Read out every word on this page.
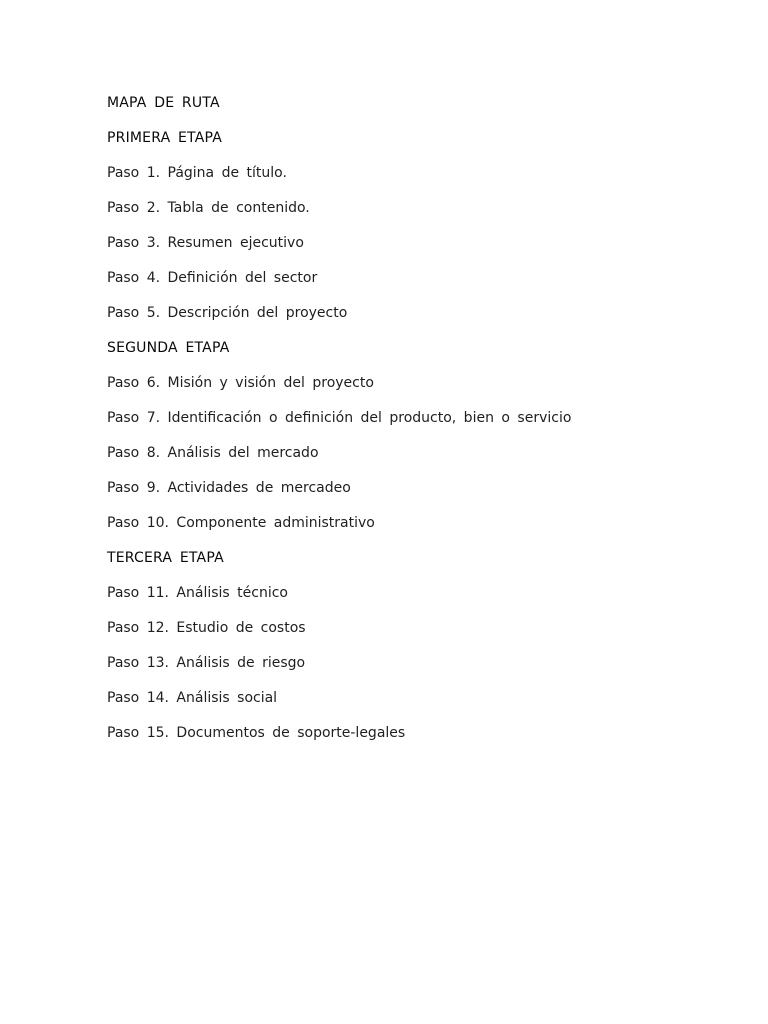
MAPA DE RUTA
PRIMERA ETAPA
Paso 1. Página de título.
Paso 2. Tabla de contenido.
Paso 3. Resumen ejecutivo
Paso 4. Definición del sector
Paso 5. Descripción del proyecto
SEGUNDA ETAPA
Paso 6. Misión y visión del proyecto
Paso 7. Identificación o definición del producto, bien o servicio
Paso 8. Análisis del mercado
Paso 9. Actividades de mercadeo
Paso 10. Componente administrativo
TERCERA ETAPA
Paso 11. Análisis técnico
Paso 12. Estudio de costos
Paso 13. Análisis de riesgo
Paso 14. Análisis social
Paso 15. Documentos de soporte-legales
